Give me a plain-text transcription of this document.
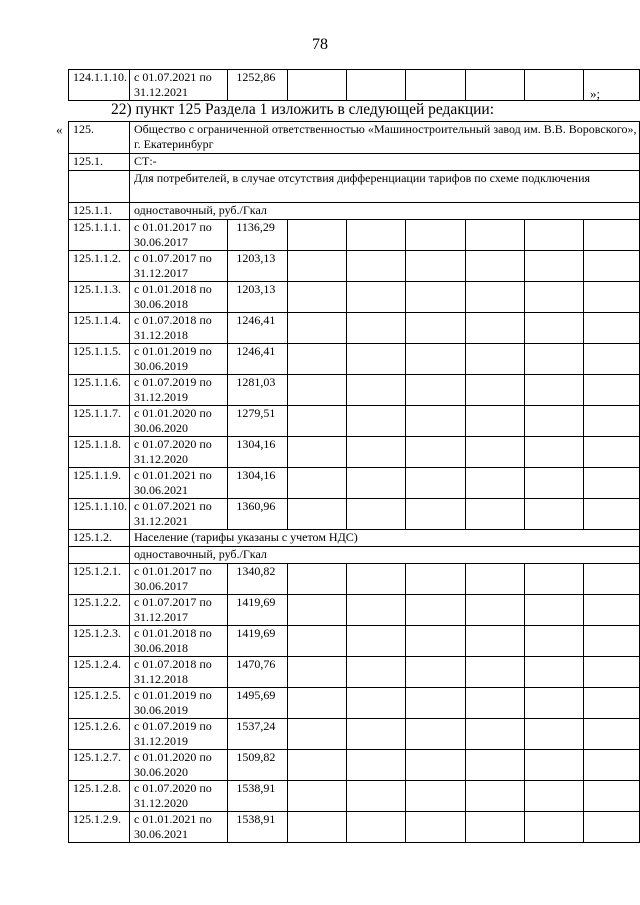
78
124.1.1.10.	с 01.07.2021 по 31.12.2021	1252,86						
»;
22) пункт 125 Раздела 1 изложить в следующей редакции:
« 125.	Общество с ограниченной ответственностью «Машиностроительный завод им. В.В. Воровского», г. Екатеринбург							
125.1.	СТ:-							
	Для потребителей, в случае отсутствия дифференциации тарифов по схеме подключения							
125.1.1.	одноставочный, руб./Гкал							
125.1.1.1.	с 01.01.2017 по 30.06.2017	1136,29						
125.1.1.2.	с 01.07.2017 по 31.12.2017	1203,13						
125.1.1.3.	с 01.01.2018 по 30.06.2018	1203,13						
125.1.1.4.	с 01.07.2018 по 31.12.2018	1246,41						
125.1.1.5.	с 01.01.2019 по 30.06.2019	1246,41						
125.1.1.6.	с 01.07.2019 по 31.12.2019	1281,03						
125.1.1.7.	с 01.01.2020 по 30.06.2020	1279,51						
125.1.1.8.	с 01.07.2020 по 31.12.2020	1304,16						
125.1.1.9.	с 01.01.2021 по 30.06.2021	1304,16						
125.1.1.10.	с 01.07.2021 по 31.12.2021	1360,96						
125.1.2.	Население (тарифы указаны с учетом НДС)							
	одноставочный, руб./Гкал							
125.1.2.1.	с 01.01.2017 по 30.06.2017	1340,82						
125.1.2.2.	с 01.07.2017 по 31.12.2017	1419,69						
125.1.2.3.	с 01.01.2018 по 30.06.2018	1419,69						
125.1.2.4.	с 01.07.2018 по 31.12.2018	1470,76						
125.1.2.5.	с 01.01.2019 по 30.06.2019	1495,69						
125.1.2.6.	с 01.07.2019 по 31.12.2019	1537,24						
125.1.2.7.	с 01.01.2020 по 30.06.2020	1509,82						
125.1.2.8.	с 01.07.2020 по 31.12.2020	1538,91						
125.1.2.9.	с 01.01.2021 по 30.06.2021	1538,91						
